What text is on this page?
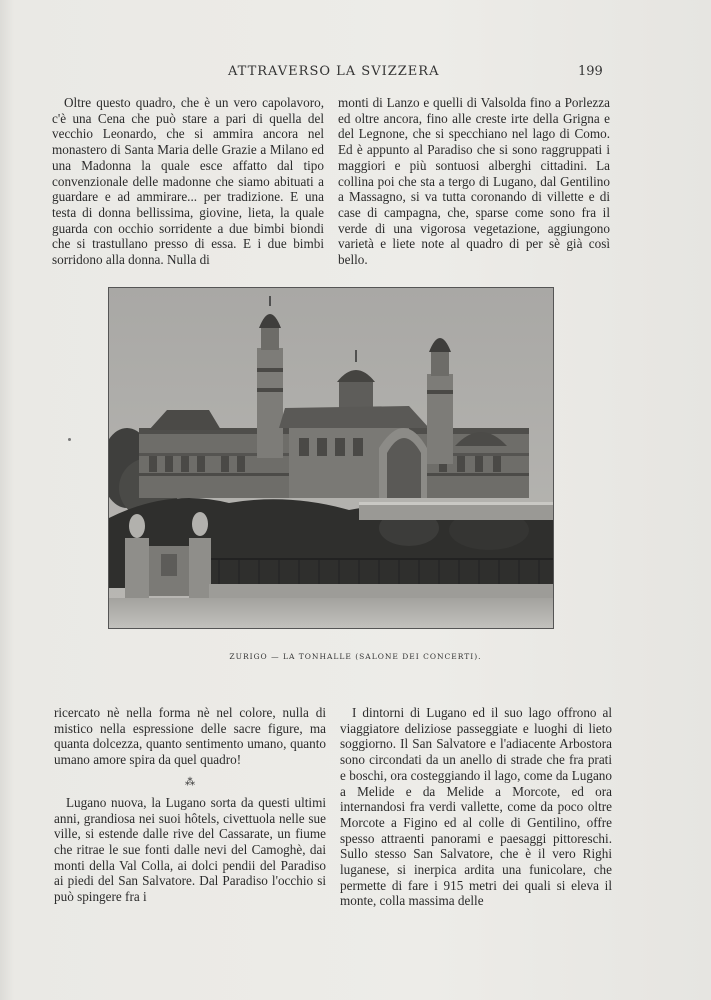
ATTRAVERSO LA SVIZZERA	199

Oltre questo quadro, che è un vero capolavoro, c'è una Cena che può stare a pari di quella del vecchio Leonardo, che si ammira ancora nel monastero di Santa Maria delle Grazie a Milano ed una Madonna la quale esce affatto dal tipo convenzionale delle madonne che siamo abituati a guardare e ad ammirare... per tradizione. E una testa di donna bellissima, giovine, lieta, la quale guarda con occhio sorridente a due bimbi biondi che si trastullano presso di essa. E i due bimbi sorridono alla donna. Nulla di

monti di Lanzo e quelli di Valsolda fino a Porlezza ed oltre ancora, fino alle creste irte della Grigna e del Legnone, che si specchiano nel lago di Como. Ed è appunto al Paradiso che si sono raggruppati i maggiori e più sontuosi alberghi cittadini. La collina poi che sta a tergo di Lugano, dal Gentilino a Massagno, si va tutta coronando di villette e di case di campagna, che, sparse come sono fra il verde di una vigorosa vegetazione, aggiungono varietà e liete note al quadro di per sè già così bello.

ZURIGO — LA TONHALLE (SALONE DEI CONCERTI).

ricercato nè nella forma nè nel colore, nulla di mistico nella espressione delle sacre figure, ma quanta dolcezza, quanto sentimento umano, quanto umano amore spira da quel quadro!

⁂

Lugano nuova, la Lugano sorta da questi ultimi anni, grandiosa nei suoi hôtels, civettuola nelle sue ville, si estende dalle rive del Cassarate, un fiume che ritrae le sue fonti dalle nevi del Camoghè, dai monti della Val Colla, ai dolci pendii del Paradiso ai piedi del San Salvatore. Dal Paradiso l'occhio si può spingere fra i

I dintorni di Lugano ed il suo lago offrono al viaggiatore deliziose passeggiate e luoghi di lieto soggiorno. Il San Salvatore e l'adiacente Arbostora sono circondati da un anello di strade che fra prati e boschi, ora costeggiando il lago, come da Lugano a Melide e da Melide a Morcote, ed ora internandosi fra verdi vallette, come da poco oltre Morcote a Figino ed al colle di Gentilino, offre spesso attraenti panorami e paesaggi pittoreschi. Sullo stesso San Salvatore, che è il vero Righi luganese, si inerpica ardita una funicolare, che permette di fare i 915 metri dei quali si eleva il monte, colla massima delle
